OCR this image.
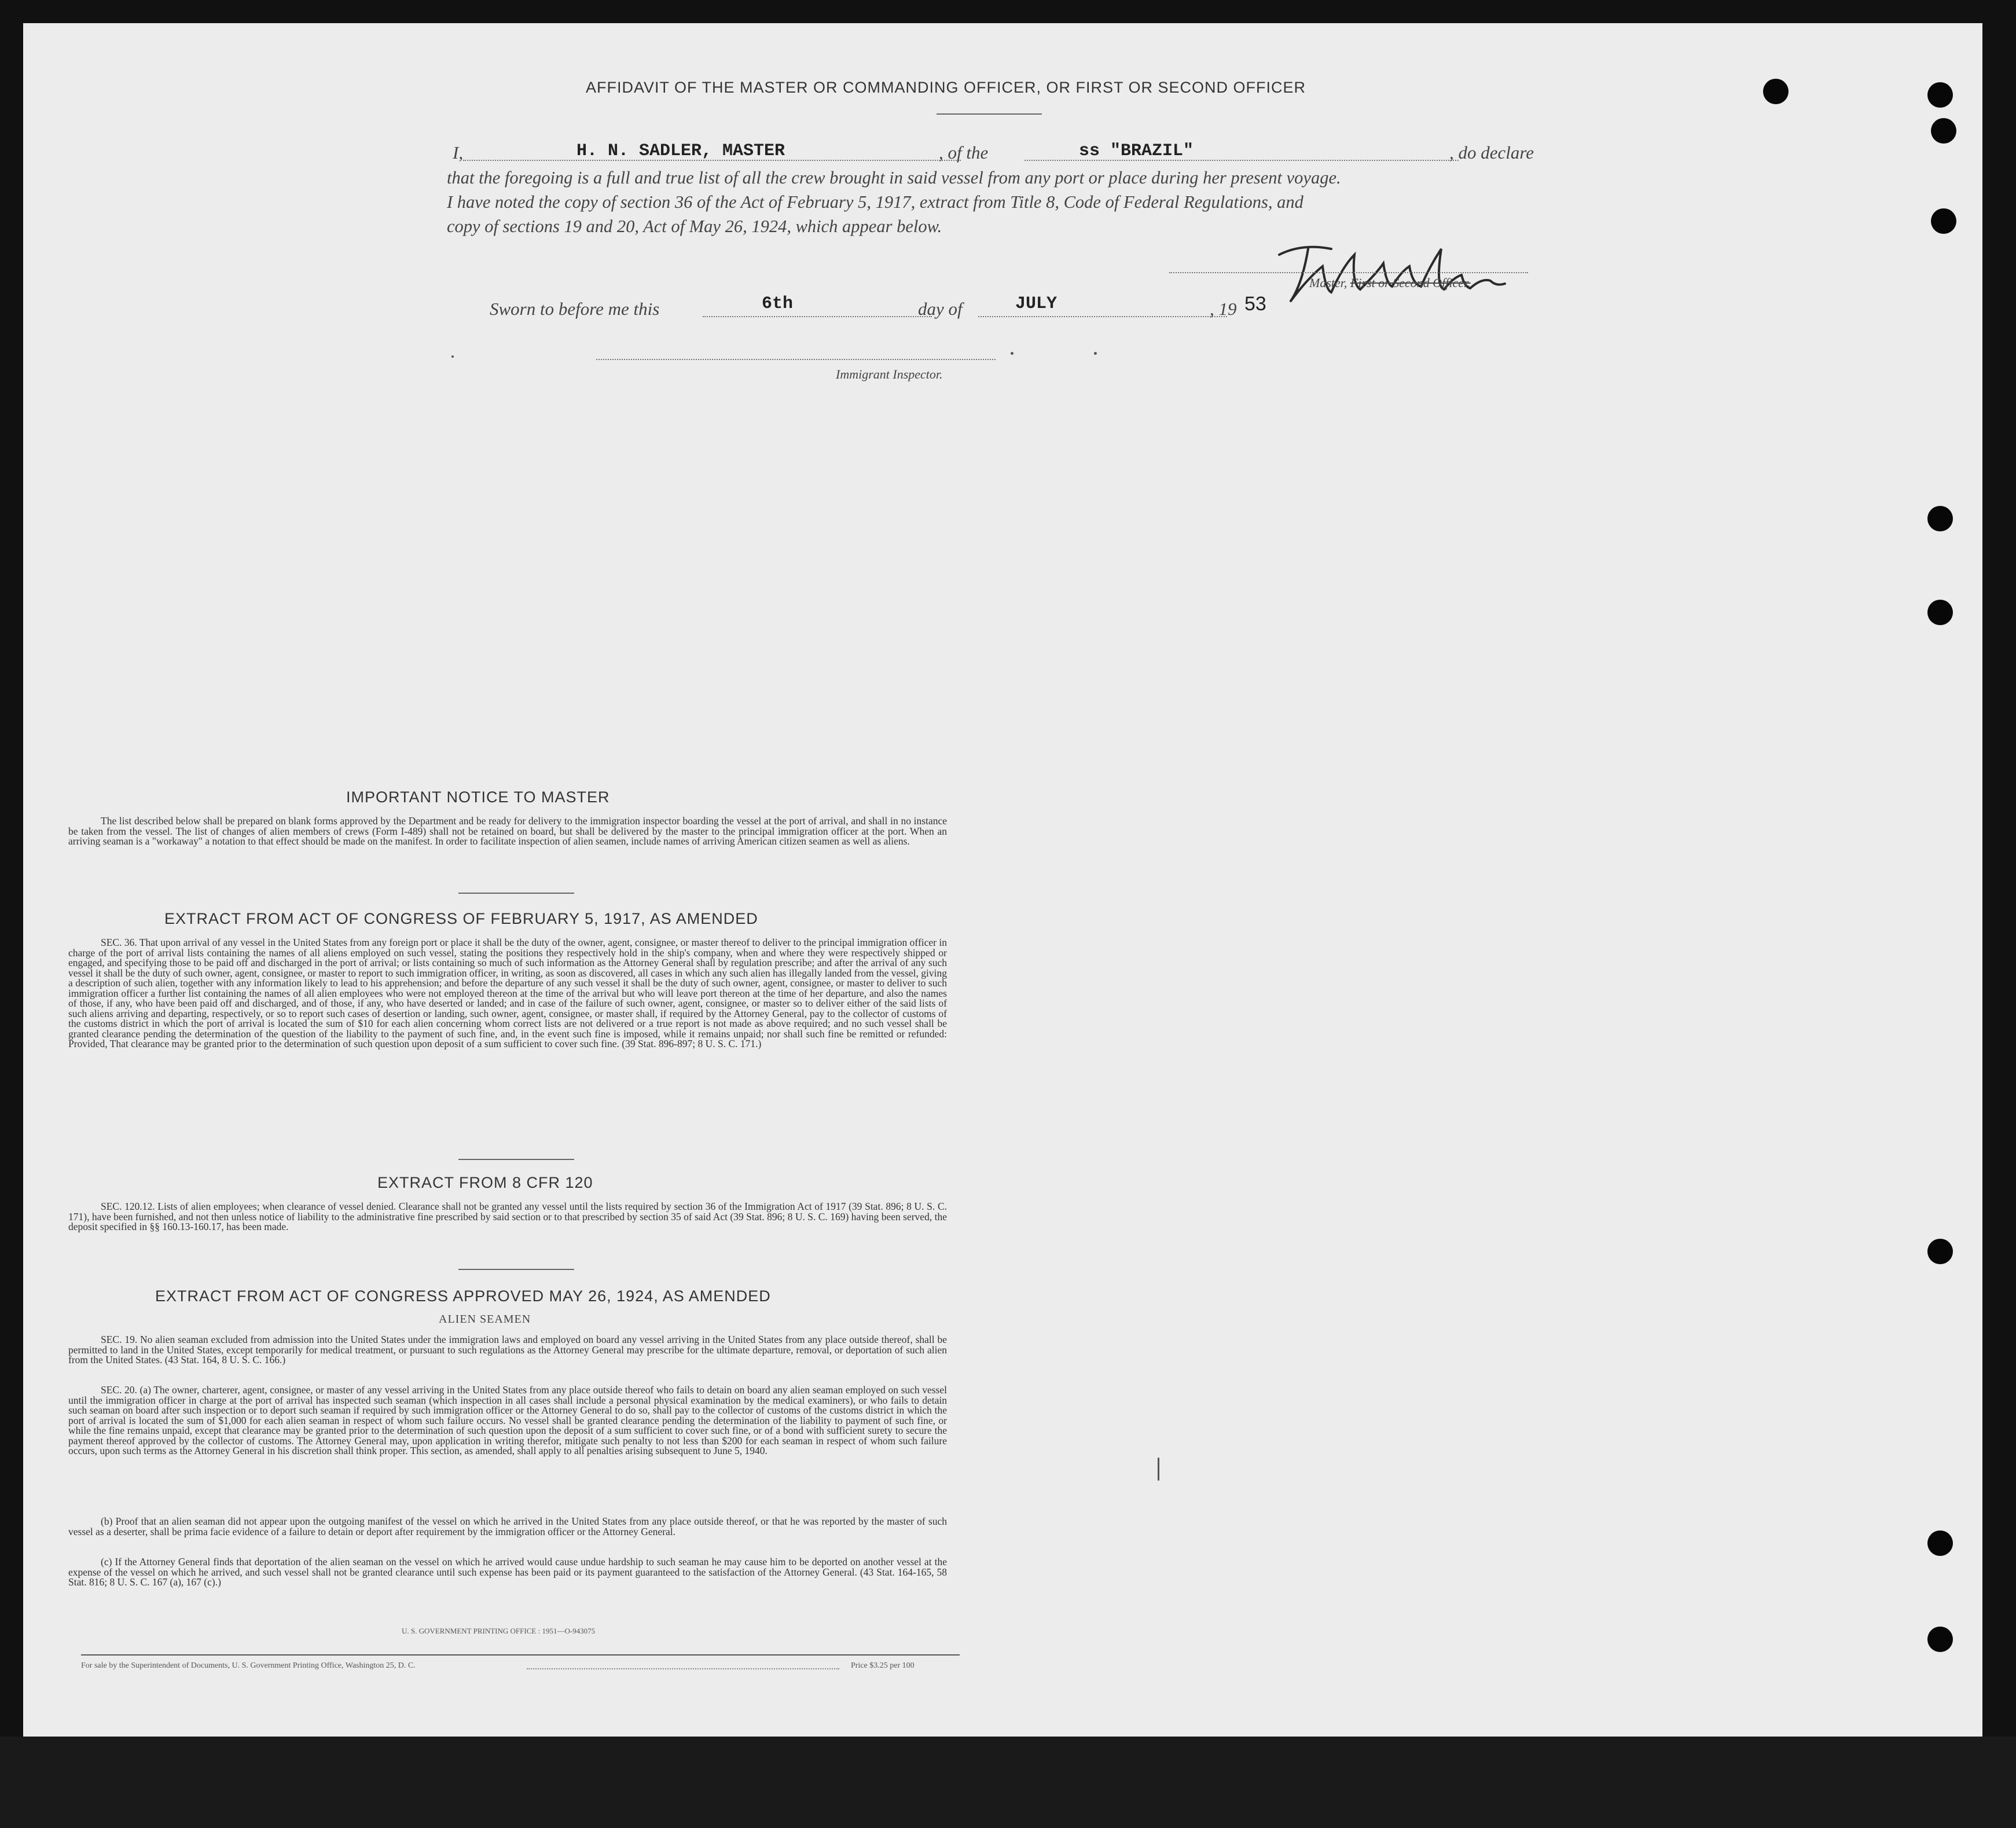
AFFIDAVIT OF THE MASTER OR COMMANDING OFFICER, OR FIRST OR SECOND OFFICER
I,	H. N. SADLER, MASTER	, of the	ss "BRAZIL"	, do declare
that the foregoing is a full and true list of all the crew brought in said vessel from any port or place during her present voyage.
I have noted the copy of section 36 of the Act of February 5, 1917, extract from Title 8, Code of Federal Regulations, and
copy of sections 19 and 20, Act of May 26, 1924, which appear below.
Master, First or Second Officer.
Sworn to before me this	6th	day of	JULY	, 19 53
Immigrant Inspector.
IMPORTANT NOTICE TO MASTER
The list described below shall be prepared on blank forms approved by the Department and be ready for delivery to the immigration inspector boarding the vessel at the port of arrival, and shall in no instance be taken from the vessel. The list of changes of alien members of crews (Form I-489) shall not be retained on board, but shall be delivered by the master to the principal immigration officer at the port. When an arriving seaman is a "workaway" a notation to that effect should be made on the manifest. In order to facilitate inspection of alien seamen, include names of arriving American citizen seamen as well as aliens.
EXTRACT FROM ACT OF CONGRESS OF FEBRUARY 5, 1917, AS AMENDED
SEC. 36. That upon arrival of any vessel in the United States from any foreign port or place it shall be the duty of the owner, agent, consignee, or master thereof to deliver to the principal immigration officer in charge of the port of arrival lists containing the names of all aliens employed on such vessel, stating the positions they respectively hold in the ship's company, when and where they were respectively shipped or engaged, and specifying those to be paid off and discharged in the port of arrival; or lists containing so much of such information as the Attorney General shall by regulation prescribe; and after the arrival of any such vessel it shall be the duty of such owner, agent, consignee, or master to report to such immigration officer, in writing, as soon as discovered, all cases in which any such alien has illegally landed from the vessel, giving a description of such alien, together with any information likely to lead to his apprehension; and before the departure of any such vessel it shall be the duty of such owner, agent, consignee, or master to deliver to such immigration officer a further list containing the names of all alien employees who were not employed thereon at the time of the arrival but who will leave port thereon at the time of her departure, and also the names of those, if any, who have been paid off and discharged, and of those, if any, who have deserted or landed; and in case of the failure of such owner, agent, consignee, or master so to deliver either of the said lists of such aliens arriving and departing, respectively, or so to report such cases of desertion or landing, such owner, agent, consignee, or master shall, if required by the Attorney General, pay to the collector of customs of the customs district in which the port of arrival is located the sum of $10 for each alien concerning whom correct lists are not delivered or a true report is not made as above required; and no such vessel shall be granted clearance pending the determination of the question of the liability to the payment of such fine, and, in the event such fine is imposed, while it remains unpaid; nor shall such fine be remitted or refunded: Provided, That clearance may be granted prior to the determination of such question upon deposit of a sum sufficient to cover such fine. (39 Stat. 896-897; 8 U. S. C. 171.)
EXTRACT FROM 8 CFR 120
SEC. 120.12. Lists of alien employees; when clearance of vessel denied. Clearance shall not be granted any vessel until the lists required by section 36 of the Immigration Act of 1917 (39 Stat. 896; 8 U. S. C. 171), have been furnished, and not then unless notice of liability to the administrative fine prescribed by said section or to that prescribed by section 35 of said Act (39 Stat. 896; 8 U. S. C. 169) having been served, the deposit specified in §§ 160.13-160.17, has been made.
EXTRACT FROM ACT OF CONGRESS APPROVED MAY 26, 1924, AS AMENDED
ALIEN SEAMEN
SEC. 19. No alien seaman excluded from admission into the United States under the immigration laws and employed on board any vessel arriving in the United States from any place outside thereof, shall be permitted to land in the United States, except temporarily for medical treatment, or pursuant to such regulations as the Attorney General may prescribe for the ultimate departure, removal, or deportation of such alien from the United States. (43 Stat. 164, 8 U. S. C. 166.)
SEC. 20. (a) The owner, charterer, agent, consignee, or master of any vessel arriving in the United States from any place outside thereof who fails to detain on board any alien seaman employed on such vessel until the immigration officer in charge at the port of arrival has inspected such seaman (which inspection in all cases shall include a personal physical examination by the medical examiners), or who fails to detain such seaman on board after such inspection or to deport such seaman if required by such immigration officer or the Attorney General to do so, shall pay to the collector of customs of the customs district in which the port of arrival is located the sum of $1,000 for each alien seaman in respect of whom such failure occurs. No vessel shall be granted clearance pending the determination of the liability to payment of such fine, or while the fine remains unpaid, except that clearance may be granted prior to the determination of such question upon the deposit of a sum sufficient to cover such fine, or of a bond with sufficient surety to secure the payment thereof approved by the collector of customs. The Attorney General may, upon application in writing therefor, mitigate such penalty to not less than $200 for each seaman in respect of whom such failure occurs, upon such terms as the Attorney General in his discretion shall think proper. This section, as amended, shall apply to all penalties arising subsequent to June 5, 1940.
(b) Proof that an alien seaman did not appear upon the outgoing manifest of the vessel on which he arrived in the United States from any place outside thereof, or that he was reported by the master of such vessel as a deserter, shall be prima facie evidence of a failure to detain or deport after requirement by the immigration officer or the Attorney General.
(c) If the Attorney General finds that deportation of the alien seaman on the vessel on which he arrived would cause undue hardship to such seaman he may cause him to be deported on another vessel at the expense of the vessel on which he arrived, and such vessel shall not be granted clearance until such expense has been paid or its payment guaranteed to the satisfaction of the Attorney General. (43 Stat. 164-165, 58 Stat. 816; 8 U. S. C. 167 (a), 167 (c).)
U. S. GOVERNMENT PRINTING OFFICE : 1951—O-943075
For sale by the Superintendent of Documents, U. S. Government Printing Office, Washington 25, D. C.	Price $3.25 per 100
